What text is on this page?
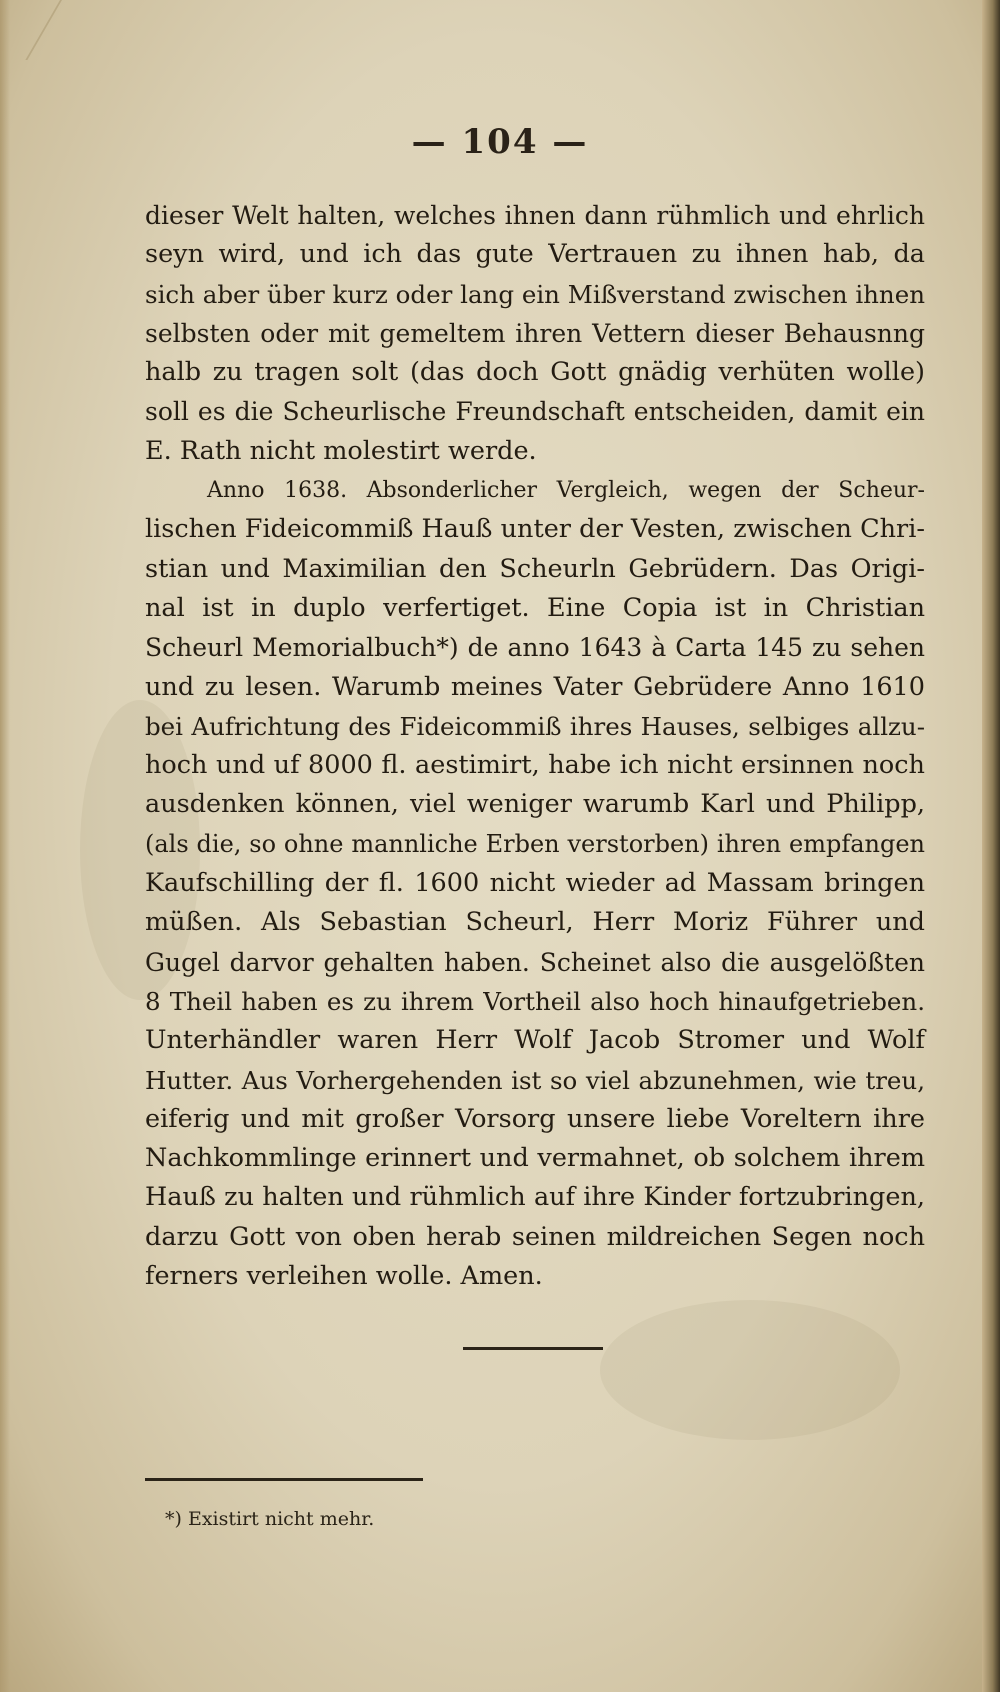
— 104 —
dieser Welt halten, welches ihnen dann rühmlich und ehrlich
seyn wird, und ich das gute Vertrauen zu ihnen hab, da
sich aber über kurz oder lang ein Mißverstand zwischen ihnen
selbsten oder mit gemeltem ihren Vettern dieser Behausnng
halb zu tragen solt (das doch Gott gnädig verhüten wolle)
soll es die Scheurlische Freundschaft entscheiden, damit ein
E. Rath nicht molestirt werde.
Anno 1638. Absonderlicher Vergleich, wegen der Scheur-
lischen Fideicommiß Hauß unter der Vesten, zwischen Chri-
stian und Maximilian den Scheurln Gebrüdern. Das Origi-
nal ist in duplo verfertiget. Eine Copia ist in Christian
Scheurl Memorialbuch*) de anno 1643 à Carta 145 zu sehen
und zu lesen. Warumb meines Vater Gebrüdere Anno 1610
bei Aufrichtung des Fideicommiß ihres Hauses, selbiges allzu-
hoch und uf 8000 fl. aestimirt, habe ich nicht ersinnen noch
ausdenken können, viel weniger warumb Karl und Philipp,
(als die, so ohne mannliche Erben verstorben) ihren empfangen
Kaufschilling der fl. 1600 nicht wieder ad Massam bringen
müßen. Als Sebastian Scheurl, Herr Moriz Führer und
Gugel darvor gehalten haben. Scheinet also die ausgelößten
8 Theil haben es zu ihrem Vortheil also hoch hinaufgetrieben.
Unterhändler waren Herr Wolf Jacob Stromer und Wolf
Hutter. Aus Vorhergehenden ist so viel abzunehmen, wie treu,
eiferig und mit großer Vorsorg unsere liebe Voreltern ihre
Nachkommlinge erinnert und vermahnet, ob solchem ihrem
Hauß zu halten und rühmlich auf ihre Kinder fortzubringen,
darzu Gott von oben herab seinen mildreichen Segen noch
ferners verleihen wolle. Amen.
*) Existirt nicht mehr.
